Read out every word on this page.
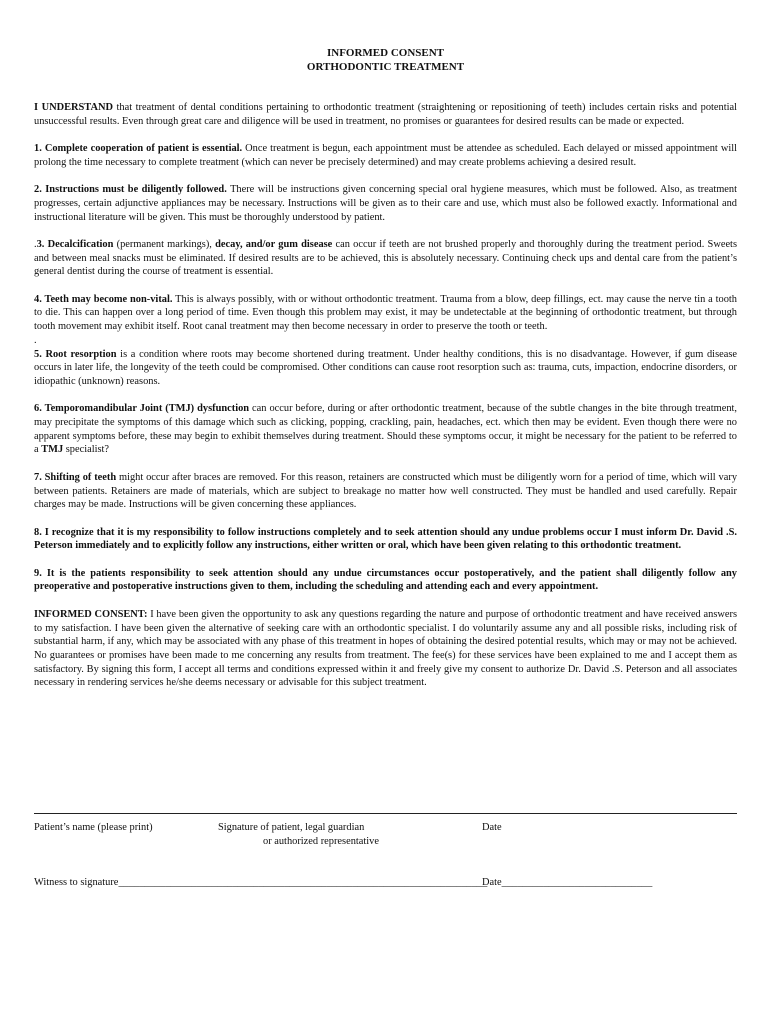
INFORMED CONSENT
ORTHODONTIC TREATMENT

I UNDERSTAND that treatment of dental conditions pertaining to orthodontic treatment (straightening or repositioning of teeth) includes certain risks and potential unsuccessful results. Even through great care and diligence will be used in treatment, no promises or guarantees for desired results can be made or expected.

1. Complete cooperation of patient is essential. Once treatment is begun, each appointment must be attendee as scheduled. Each delayed or missed appointment will prolong the time necessary to complete treatment (which can never be precisely determined) and may create problems achieving a desired result.

2. Instructions must be diligently followed. There will be instructions given concerning special oral hygiene measures, which must be followed. Also, as treatment progresses, certain adjunctive appliances may be necessary. Instructions will be given as to their care and use, which must also be followed exactly. Informational and instructional literature will be given. This must be thoroughly understood by patient.

.3. Decalcification (permanent markings), decay, and/or gum disease can occur if teeth are not brushed properly and thoroughly during the treatment period. Sweets and between meal snacks must be eliminated. If desired results are to be achieved, this is absolutely necessary. Continuing check ups and dental care from the patient’s general dentist during the course of treatment is essential.

4. Teeth may become non-vital. This is always possibly, with or without orthodontic treatment. Trauma from a blow, deep fillings, ect. may cause the nerve tin a tooth to die. This can happen over a long period of time. Even though this problem may exist, it may be undetectable at the beginning of orthodontic treatment, but through tooth movement may exhibit itself. Root canal treatment may then become necessary in order to preserve the tooth or teeth.

.

5. Root resorption is a condition where roots may become shortened during treatment. Under healthy conditions, this is no disadvantage. However, if gum disease occurs in later life, the longevity of the teeth could be compromised. Other conditions can cause root resorption such as: trauma, cuts, impaction, endocrine disorders, or idiopathic (unknown) reasons.

6. Temporomandibular Joint (TMJ) dysfunction can occur before, during or after orthodontic treatment, because of the subtle changes in the bite through treatment, may precipitate the symptoms of this damage which such as clicking, popping, crackling, pain, headaches, ect. which then may be evident. Even though there were no apparent symptoms before, these may begin to exhibit themselves during treatment. Should these symptoms occur, it might be necessary for the patient to be referred to a TMJ specialist?

7. Shifting of teeth might occur after braces are removed. For this reason, retainers are constructed which must be diligently worn for a period of time, which will vary between patients. Retainers are made of materials, which are subject to breakage no matter how well constructed. They must be handled and used carefully. Repair charges may be made. Instructions will be given concerning these appliances.

8. I recognize that it is my responsibility to follow instructions completely and to seek attention should any undue problems occur I must inform Dr. David .S. Peterson immediately and to explicitly follow any instructions, either written or oral, which have been given relating to this orthodontic treatment.

9. It is the patients responsibility to seek attention should any undue circumstances occur postoperatively, and the patient shall diligently follow any preoperative and postoperative instructions given to them, including the scheduling and attending each and every appointment.

INFORMED CONSENT: I have been given the opportunity to ask any questions regarding the nature and purpose of orthodontic treatment and have received answers to my satisfaction. I have been given the alternative of seeking care with an orthodontic specialist. I do voluntarily assume any and all possible risks, including risk of substantial harm, if any, which may be associated with any phase of this treatment in hopes of obtaining the desired potential results, which may or may not be achieved. No guarantees or promises have been made to me concerning any results from treatment. The fee(s) for these services have been explained to me and I accept them as satisfactory. By signing this form, I accept all terms and conditions expressed within it and freely give my consent to authorize Dr. David .S. Peterson and all associates necessary in rendering services he/she deems necessary or advisable for this subject treatment.

Patient’s name (please print)	Signature of patient, legal guardian
or authorized representative
Date
Witness to signature_______________________________________________________________________
Date_____________________________
